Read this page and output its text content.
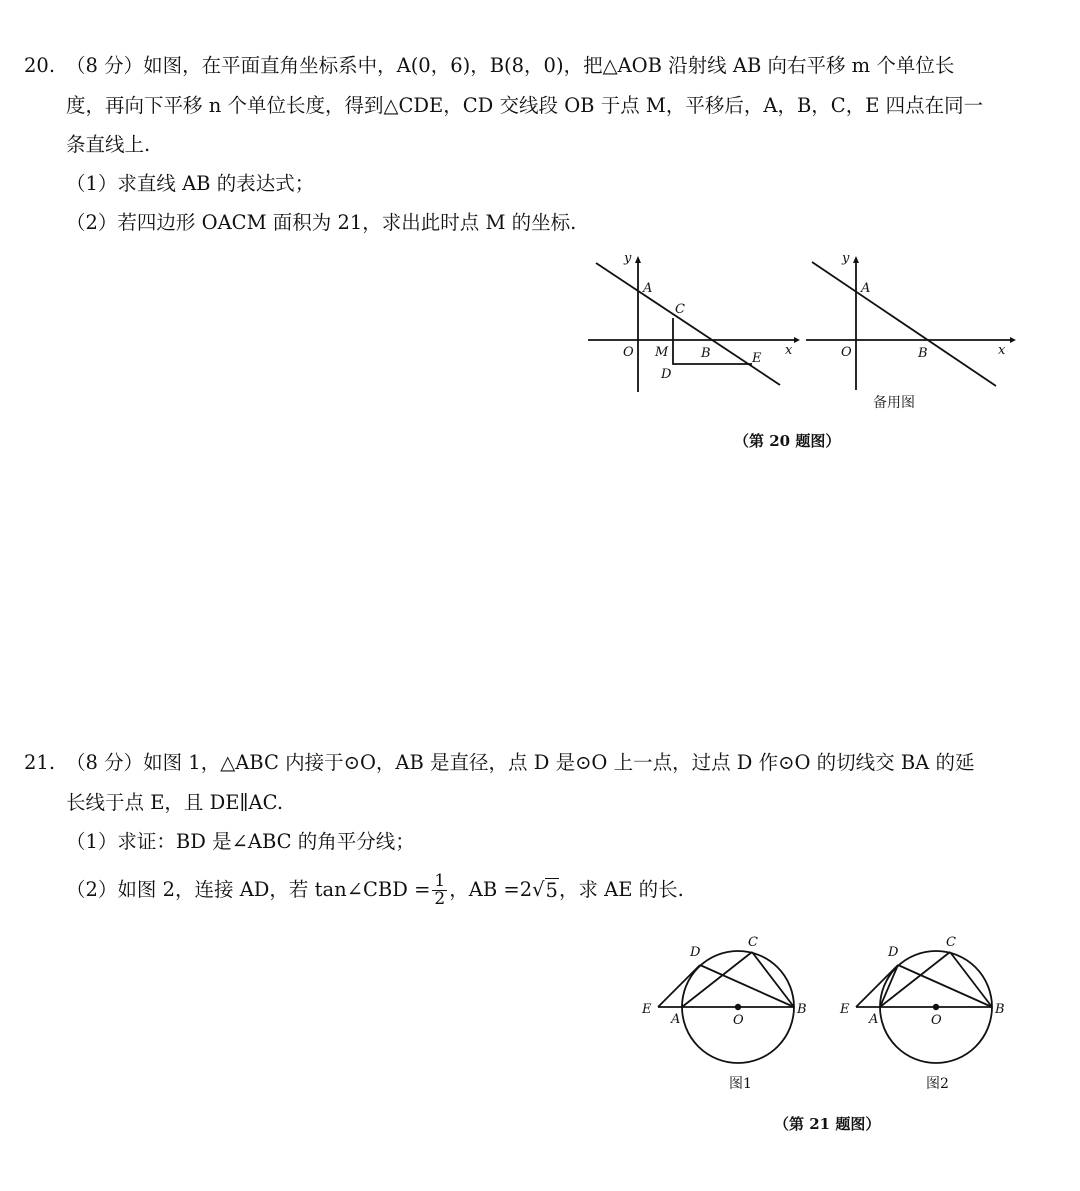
20. （8 分）如图，在平面直角坐标系中，A(0，6)，B(8，0)，把△AOB 沿射线 AB 向右平移 m 个单位长
度，再向下平移 n 个单位长度，得到△CDE，CD 交线段 OB 于点 M，平移后，A，B，C，E 四点在同一
条直线上.
（1）求直线 AB 的表达式；
（2）若四边形 OACM 面积为 21，求出此时点 M 的坐标.
y
A
C
O M	B	E
x
D
y
A
O	B	x
备用图
（第 20 题图）
21. （8 分）如图 1，△ABC 内接于⊙O，AB 是直径，点 D 是⊙O 上一点，过点 D 作⊙O 的切线交 BA 的延
长线于点 E，且 DE∥AC.
（1）求证：BD 是∠ABC 的角平分线；
（2）如图 2，连接 AD，若 tan∠CBD = $\frac{1}{2}$ ，AB =2 √ 5 ，求 AE 的长.
D
C
E
A	O
B
图1
D
C
E
A	O
B
图2
（第 21 题图）
